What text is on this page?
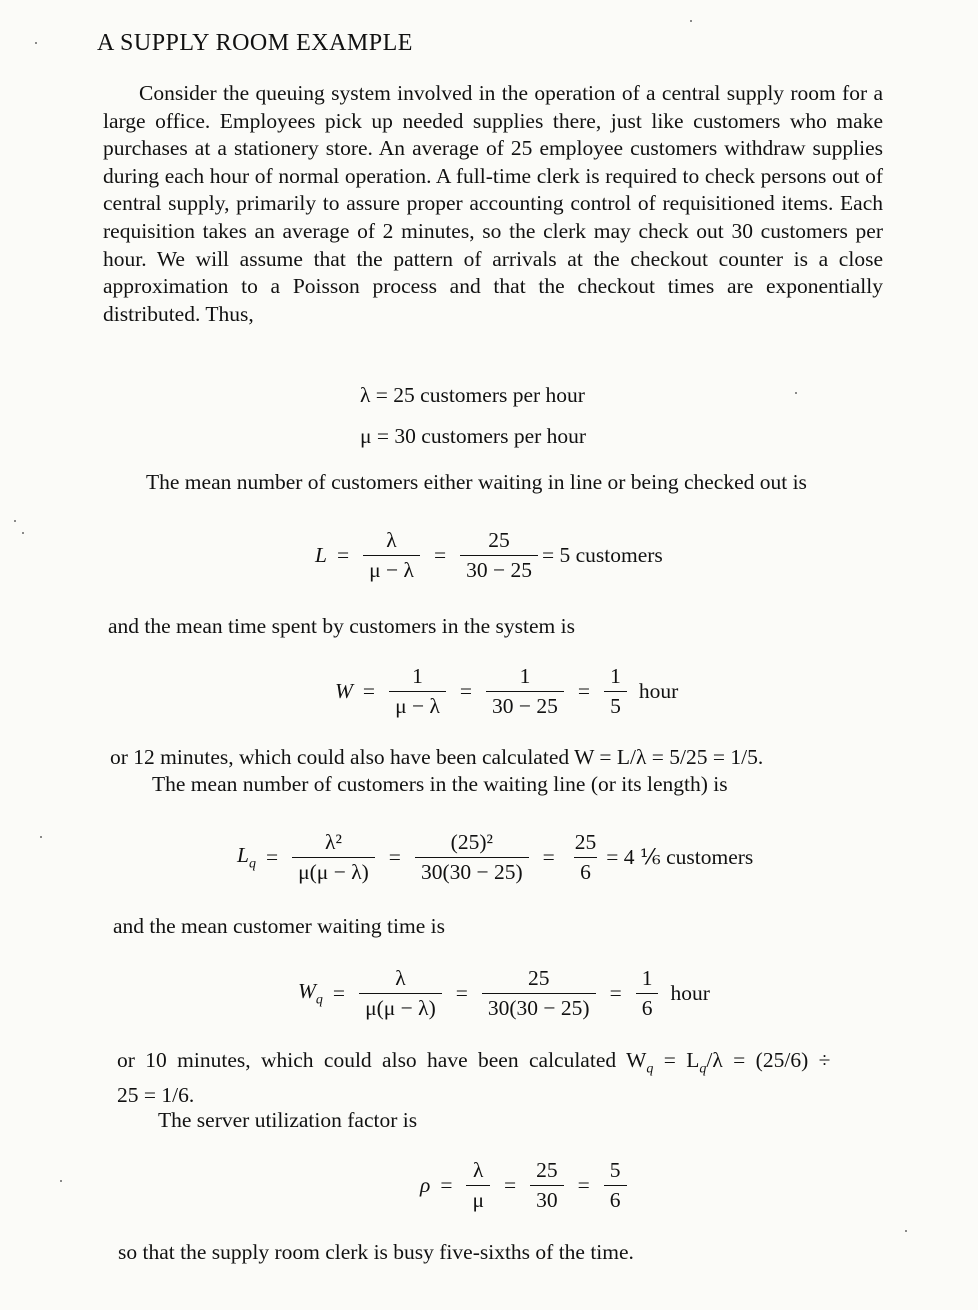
A SUPPLY ROOM EXAMPLE

Consider the queuing system involved in the operation of a central supply room for a large office. Employees pick up needed supplies there, just like customers who make purchases at a stationery store. An average of 25 employee customers withdraw supplies during each hour of normal operation. A full-time clerk is required to check persons out of central supply, primarily to assure proper accounting control of requisitioned items. Each requisition takes an average of 2 minutes, so the clerk may check out 30 customers per hour. We will assume that the pattern of arrivals at the checkout counter is a close approximation to a Poisson process and that the checkout times are exponentially distributed. Thus,

λ = 25 customers per hour
μ = 30 customers per hour
The mean number of customers either waiting in line or being checked out is
$L = \frac{\lambda}{\mu - \lambda} = \frac{25}{30 - 25} = 5$ customers
and the mean time spent by customers in the system is
$W = \frac{1}{\mu - \lambda} = \frac{1}{30 - 25} = \frac{1}{5}$ hour
or 12 minutes, which could also have been calculated W = L/λ = 5/25 = 1/5.
The mean number of customers in the waiting line (or its length) is
$L_q = \frac{\text{λ²}}{\mu(\mu - \lambda)} = \frac{\text{(25)²}}{30(30 - 25)} = \frac{25}{6} = 4$ ⅙ customers
and the mean customer waiting time is
$W_q = \frac{\lambda}{\mu(\mu - \lambda)} = \frac{25}{30(30 - 25)} = \frac{1}{6}$ hour
or 10 minutes, which could also have been calculated $W_q = L_q/\lambda = (25/6)$ ÷
25 = 1/6.
The server utilization factor is
$\rho = \frac{\lambda}{\mu} = \frac{25}{30} = \frac{5}{6}$
so that the supply room clerk is busy five-sixths of the time.
